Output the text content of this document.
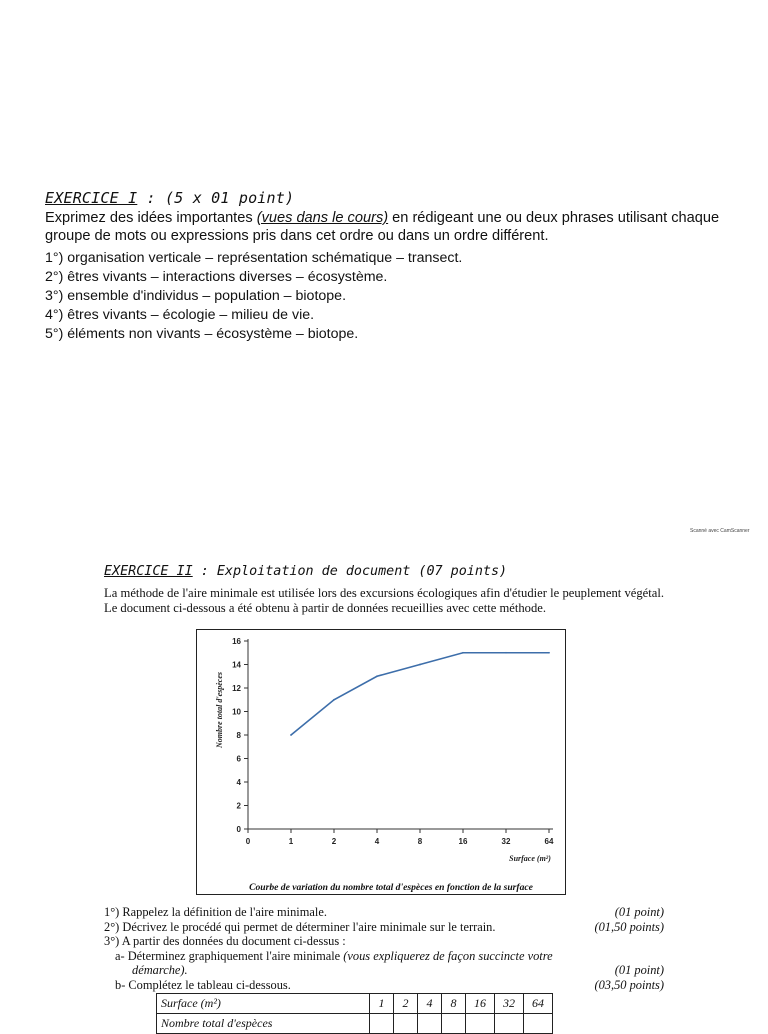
EXERCICE I : (5 x 01 point)
Exprimez des idées importantes (vues dans le cours) en rédigeant une ou deux phrases utilisant chaque groupe de mots ou expressions pris dans cet ordre ou dans un ordre différent.
1°) organisation verticale – représentation schématique – transect.
2°) êtres vivants – interactions diverses – écosystème.
3°) ensemble d'individus – population – biotope.
4°) êtres vivants – écologie – milieu de vie.
5°) éléments non vivants – écosystème – biotope.
Scanné avec CamScanner
EXERCICE II : Exploitation de document (07 points)
La méthode de l'aire minimale est utilisée lors des excursions écologiques afin d'étudier le peuplement végétal. Le document ci-dessous a été obtenu à partir de données recueillies avec cette méthode.
0
2
4
6
8
10
12
14
16
0	1	2	4	8	16	32	64
Nombre total d'espèces
Surface (m²)
Courbe de variation du nombre total d'espèces en fonction de la surface
1°) Rappelez la définition de l'aire minimale.	(01 point)
2°) Décrivez le procédé qui permet de déterminer l'aire minimale sur le terrain.	(01,50 points)
3°) A partir des données du document ci-dessus :
a- Déterminez graphiquement l'aire minimale (vous expliquerez de façon succincte votre
démarche).	(01 point)
b- Complétez le tableau ci-dessous.	(03,50 points)
Surface (m²)	1	2	4	8	16	32	64
Nombre total d'espèces							
